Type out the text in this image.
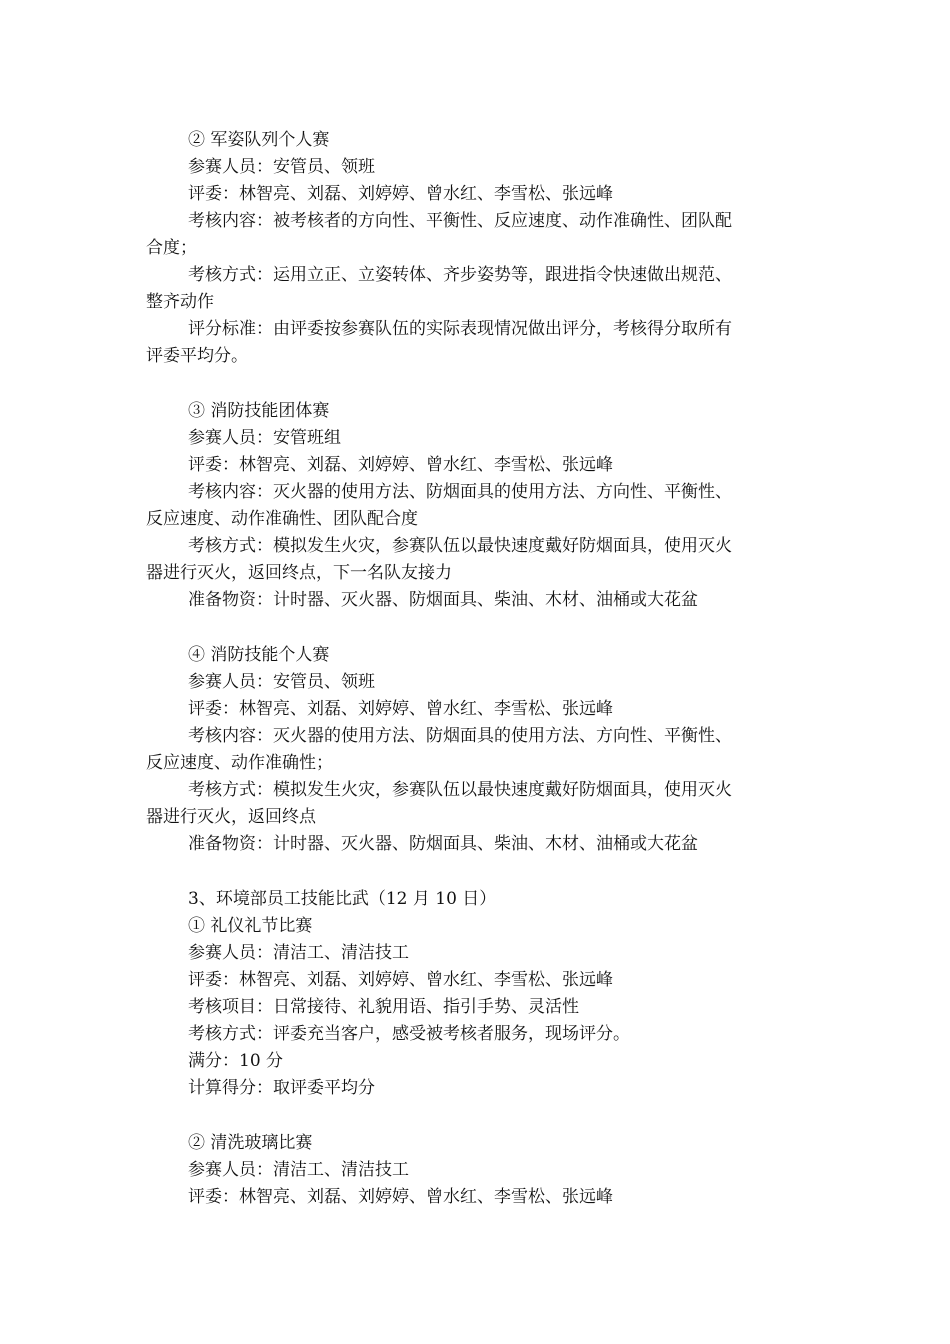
② 军姿队列个人赛
参赛人员：安管员、领班
评委：林智亮、刘磊、刘婷婷、曾水红、李雪松、张远峰
考核内容：被考核者的方向性、平衡性、反应速度、动作准确性、团队配
合度；
考核方式：运用立正、立姿转体、齐步姿势等，跟进指令快速做出规范、
整齐动作
评分标准：由评委按参赛队伍的实际表现情况做出评分，考核得分取所有
评委平均分。
③ 消防技能团体赛
参赛人员：安管班组
评委：林智亮、刘磊、刘婷婷、曾水红、李雪松、张远峰
考核内容：灭火器的使用方法、防烟面具的使用方法、方向性、平衡性、
反应速度、动作准确性、团队配合度
考核方式：模拟发生火灾，参赛队伍以最快速度戴好防烟面具，使用灭火
器进行灭火，返回终点，下一名队友接力
准备物资：计时器、灭火器、防烟面具、柴油、木材、油桶或大花盆
④ 消防技能个人赛
参赛人员：安管员、领班
评委：林智亮、刘磊、刘婷婷、曾水红、李雪松、张远峰
考核内容：灭火器的使用方法、防烟面具的使用方法、方向性、平衡性、
反应速度、动作准确性；
考核方式：模拟发生火灾，参赛队伍以最快速度戴好防烟面具，使用灭火
器进行灭火，返回终点
准备物资：计时器、灭火器、防烟面具、柴油、木材、油桶或大花盆
3、环境部员工技能比武（12 月 10 日）
① 礼仪礼节比赛
参赛人员：清洁工、清洁技工
评委：林智亮、刘磊、刘婷婷、曾水红、李雪松、张远峰
考核项目：日常接待、礼貌用语、指引手势、灵活性
考核方式：评委充当客户，感受被考核者服务，现场评分。
满分：10 分
计算得分：取评委平均分
② 清洗玻璃比赛
参赛人员：清洁工、清洁技工
评委：林智亮、刘磊、刘婷婷、曾水红、李雪松、张远峰
